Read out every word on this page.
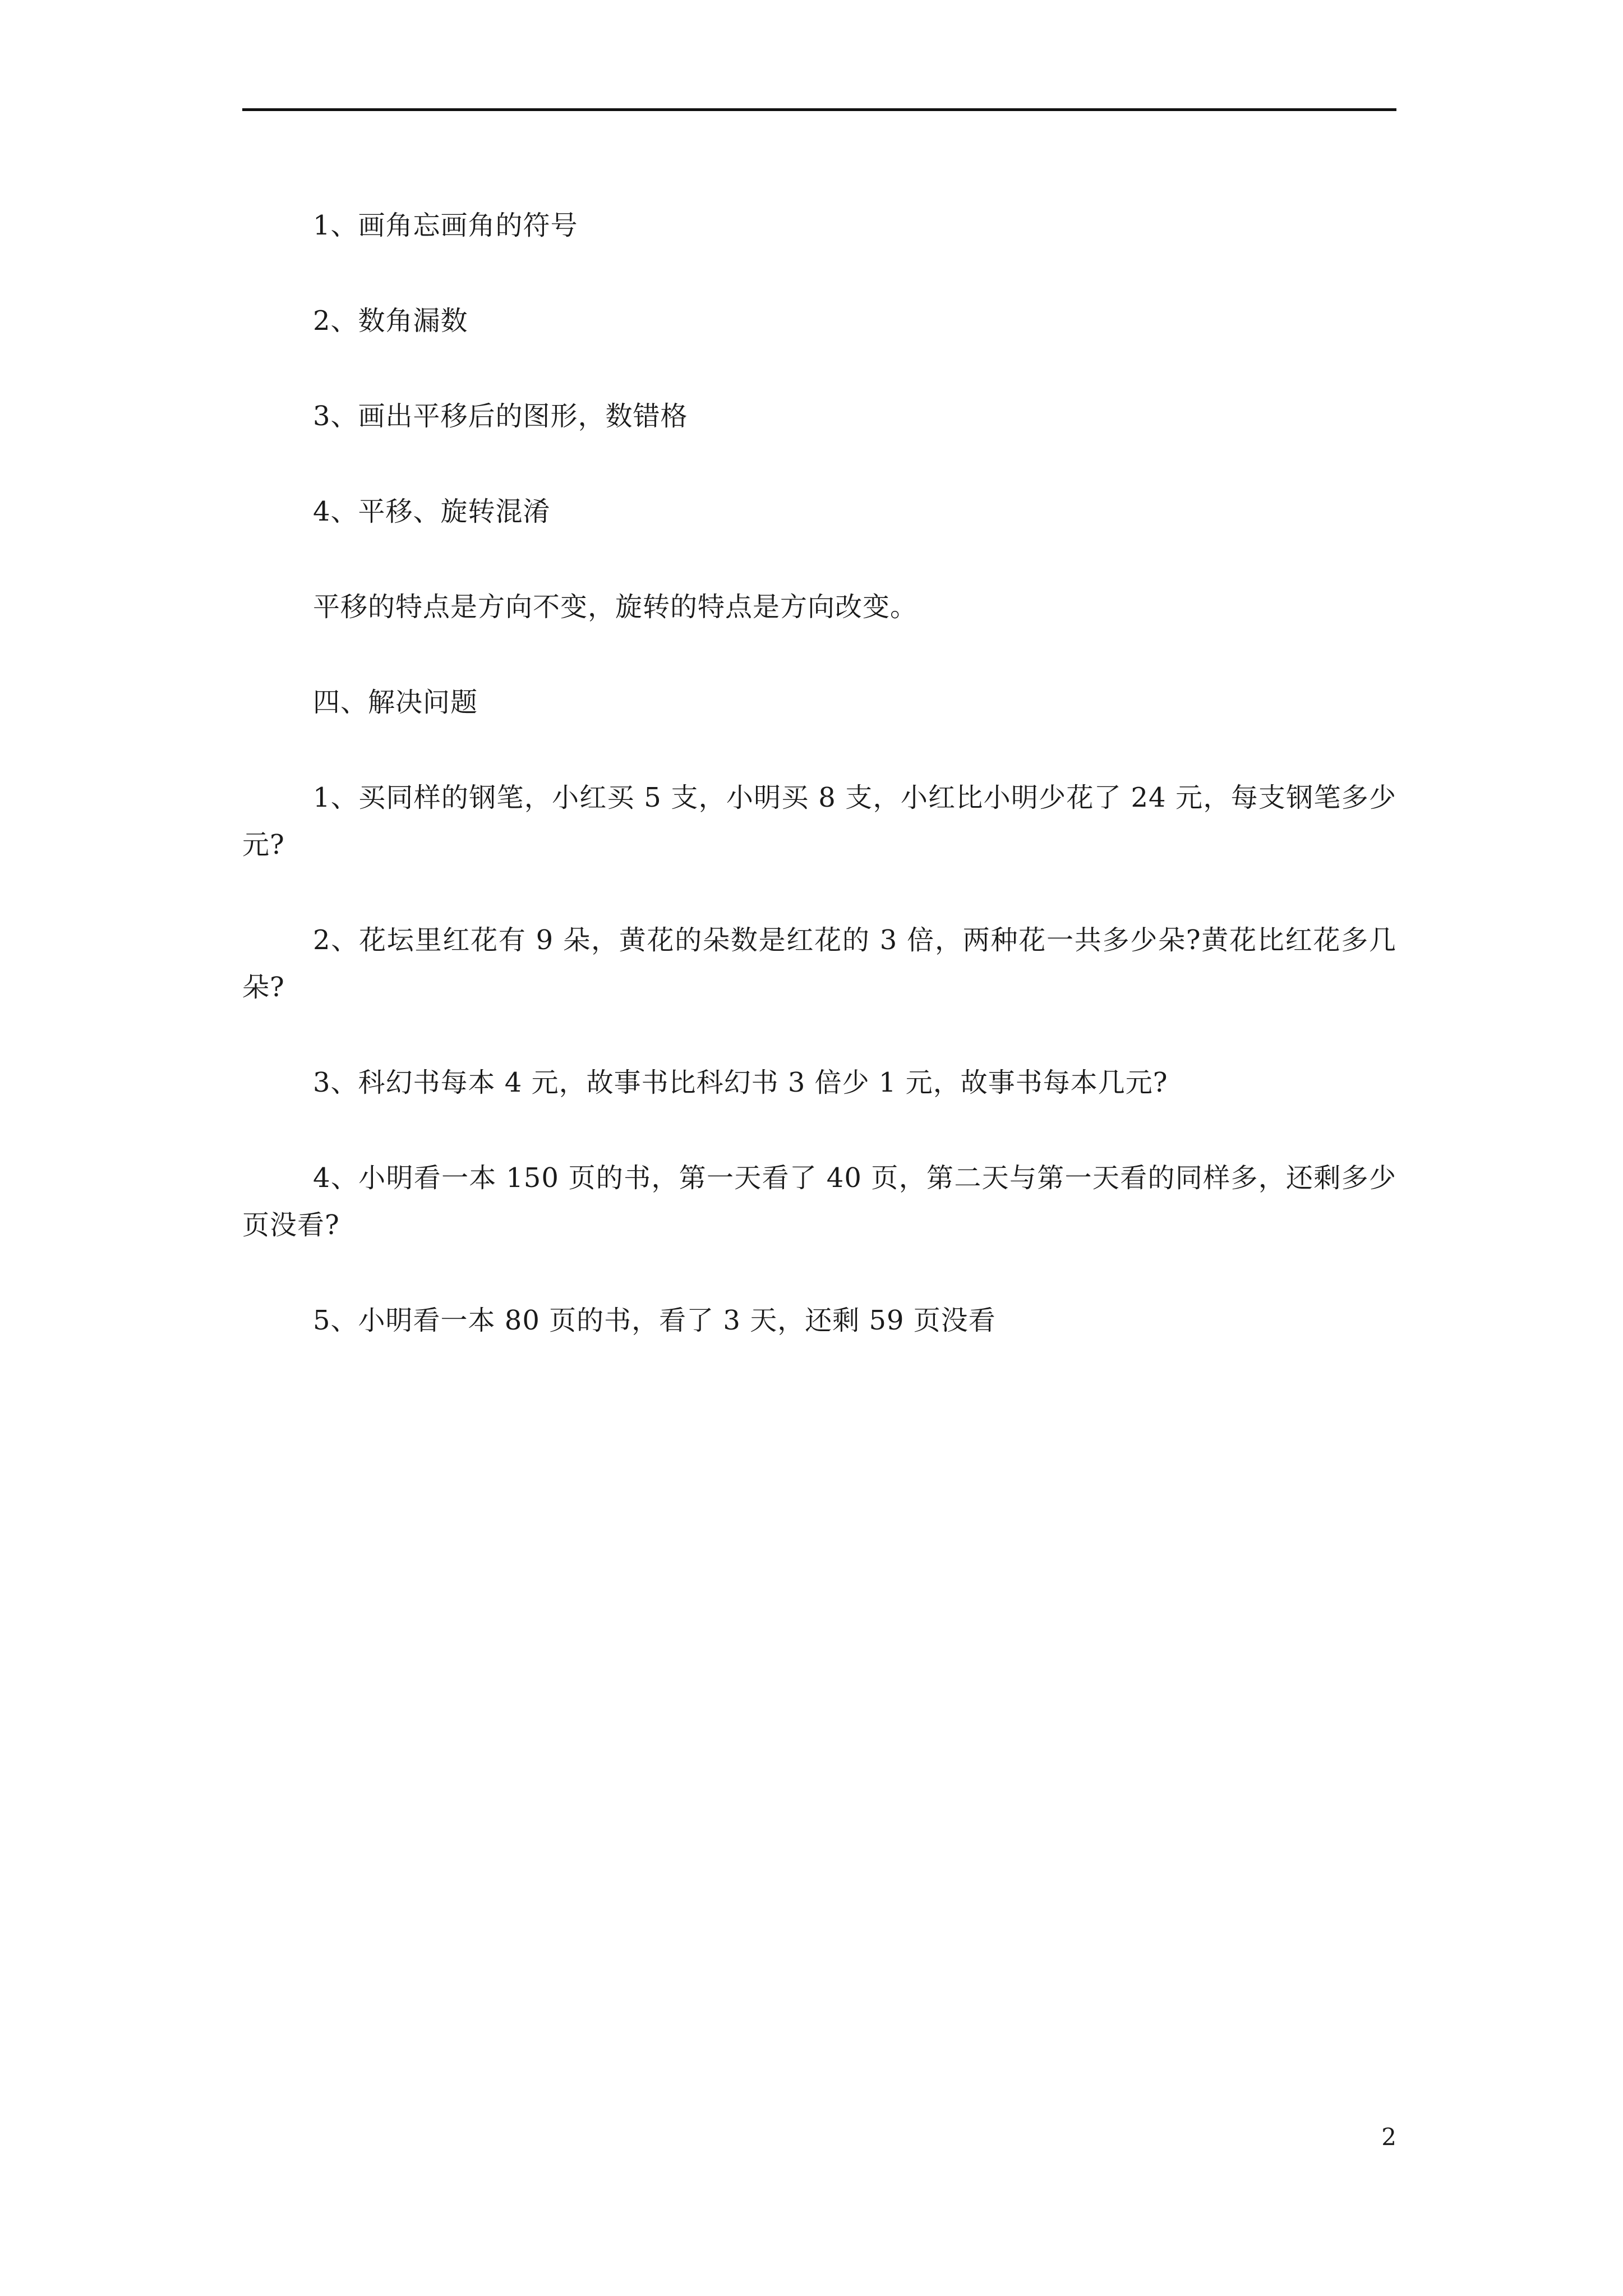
1、画角忘画角的符号

2、数角漏数

3、画出平移后的图形，数错格

4、平移、旋转混淆

平移的特点是方向不变，旋转的特点是方向改变。

四、解决问题

1、买同样的钢笔，小红买 5 支，小明买 8 支，小红比小明少花了 24 元，每支钢笔多少元?

2、花坛里红花有 9 朵，黄花的朵数是红花的 3 倍，两种花一共多少朵?黄花比红花多几朵?

3、科幻书每本 4 元，故事书比科幻书 3 倍少 1 元，故事书每本几元?

4、小明看一本 150 页的书，第一天看了 40 页，第二天与第一天看的同样多，还剩多少页没看?

5、小明看一本 80 页的书，看了 3 天，还剩 59 页没看

2
